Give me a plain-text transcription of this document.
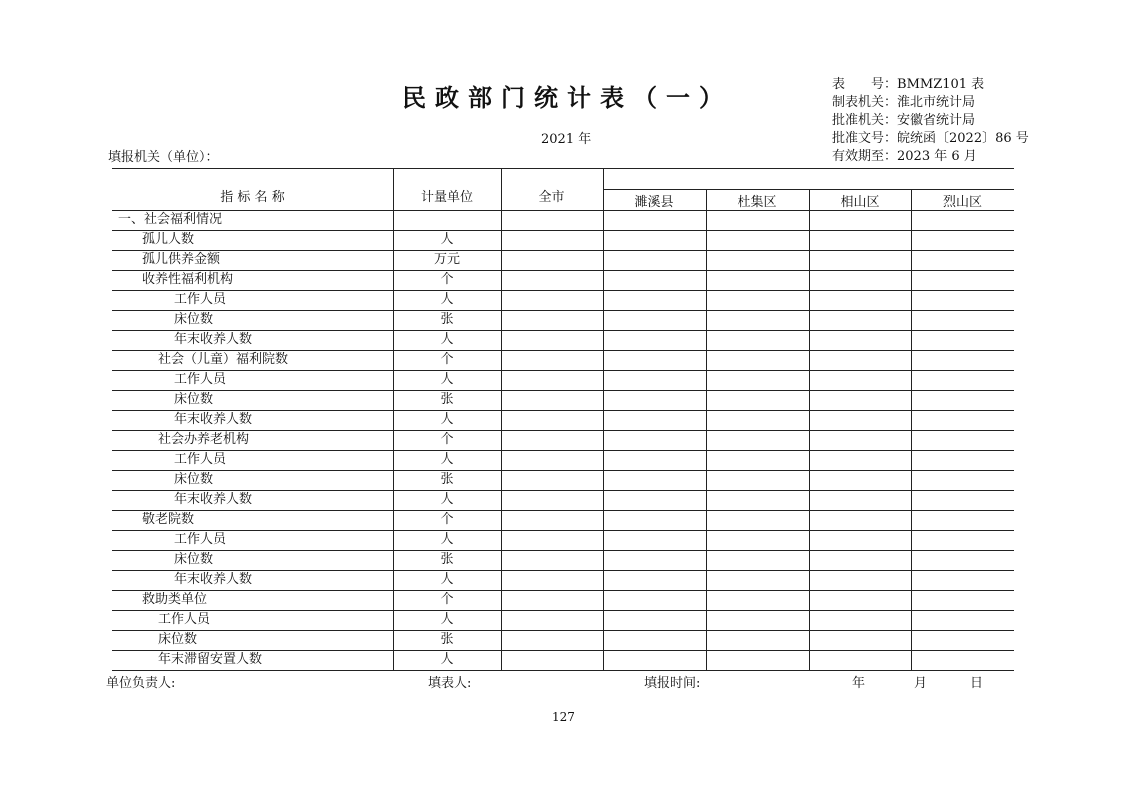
民政部门统计表（一）	表　　号：BMMZ101 表
制表机关：淮北市统计局
批准机关：安徽省统计局
批准文号：皖统函〔2022〕86 号
有效期至：2023 年 6 月
2021 年
填报机关（单位）：
指 标 名 称	计量单位	全市	濉溪县	杜集区	相山区	烈山区
一、社会福利情况
孤儿人数	人
孤儿供养金额	万元
收养性福利机构	个
工作人员	人
床位数	张
年末收养人数	人
社会（儿童）福利院数	个
工作人员	人
床位数	张
年末收养人数	人
社会办养老机构	个
工作人员	人
床位数	张
年末收养人数	人
敬老院数	个
工作人员	人
床位数	张
年末收养人数	人
救助类单位	个
工作人员	人
床位数	张
年末滞留安置人数	人
单位负责人:	填表人:	填报时间:	年	月	日
127
